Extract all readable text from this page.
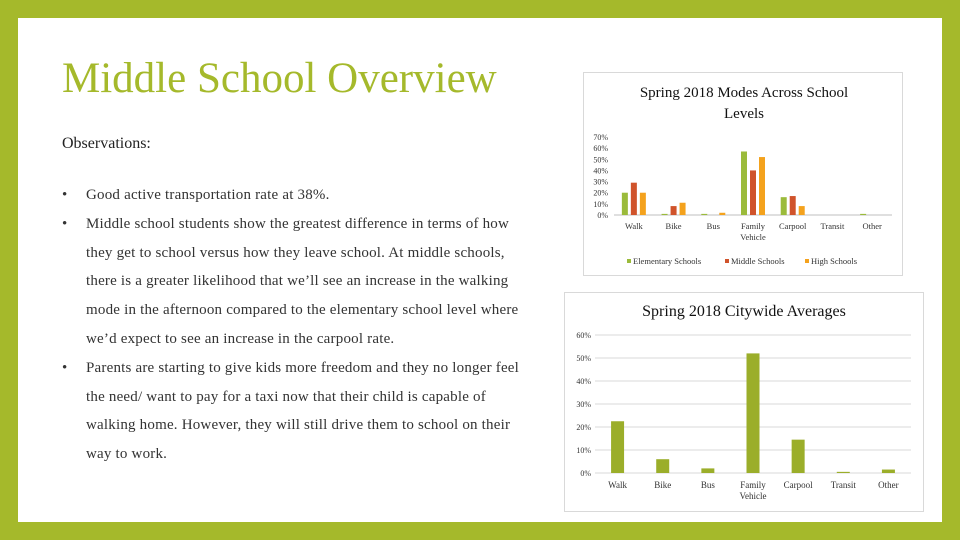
Middle School Overview
Observations:
• Good active transportation rate at 38%.
• Middle school students show the greatest difference in terms of how they get to school versus how they leave school. At middle schools, there is a greater likelihood that we’ll see an increase in the walking mode in the afternoon compared to the elementary school level where we’d expect to see an increase in the carpool rate.
• Parents are starting to give kids more freedom and they no longer feel the need/ want to pay for a taxi now that their child is capable of walking home. However, they will still drive them to school on their way to work.
Spring 2018 Modes Across School Levels
0%
10%
20%
30%
40%
50%
60%
70%
Walk	Bike	Bus Family
Vehicle
Carpool Transit Other
Elementary Schools	Middle Schools	High Schools
Spring 2018 Citywide Averages
0%
10%
20%
30%
40%
50%
60%
Walk	Bike	Bus	Family
Vehicle
Carpool Transit Other
